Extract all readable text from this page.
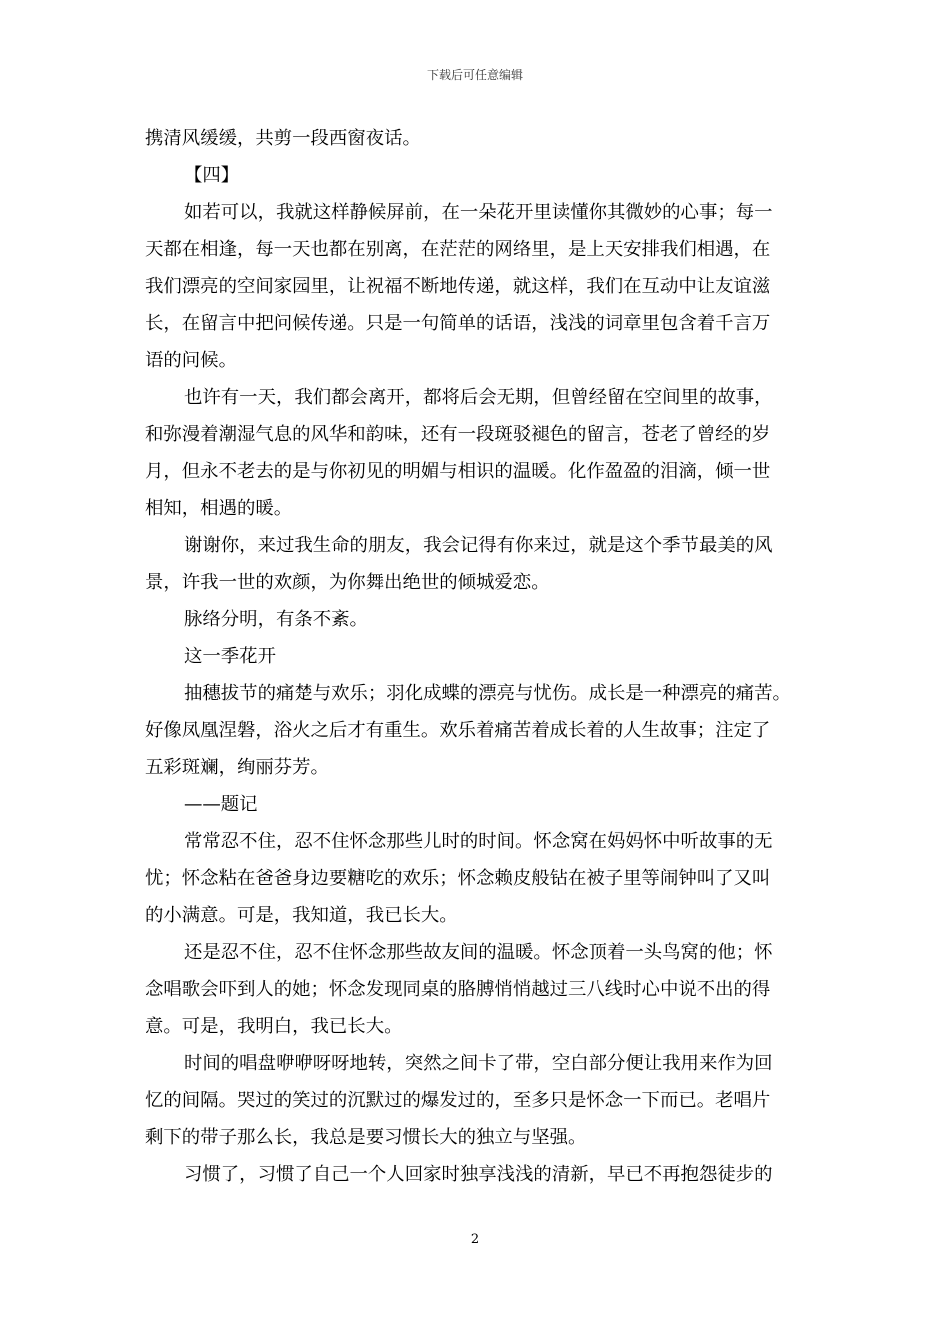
下载后可任意编辑
携清风缓缓，共剪一段西窗夜话。
【四】
如若可以，我就这样静候屏前，在一朵花开里读懂你其微妙的心事；每一
天都在相逢，每一天也都在别离，在茫茫的网络里，是上天安排我们相遇，在
我们漂亮的空间家园里，让祝福不断地传递，就这样，我们在互动中让友谊滋
长，在留言中把问候传递。只是一句简单的话语，浅浅的词章里包含着千言万
语的问候。
也许有一天，我们都会离开，都将后会无期，但曾经留在空间里的故事，
和弥漫着潮湿气息的风华和韵味，还有一段斑驳褪色的留言，苍老了曾经的岁
月，但永不老去的是与你初见的明媚与相识的温暖。化作盈盈的泪滴，倾一世
相知，相遇的暖。
谢谢你，来过我生命的朋友，我会记得有你来过，就是这个季节最美的风
景，许我一世的欢颜，为你舞出绝世的倾城爱恋。
脉络分明，有条不紊。
这一季花开
抽穗拔节的痛楚与欢乐；羽化成蝶的漂亮与忧伤。成长是一种漂亮的痛苦。
好像凤凰涅磐，浴火之后才有重生。欢乐着痛苦着成长着的人生故事；注定了
五彩斑斓，绚丽芬芳。
——题记
常常忍不住，忍不住怀念那些儿时的时间。怀念窝在妈妈怀中听故事的无
忧；怀念粘在爸爸身边要糖吃的欢乐；怀念赖皮般钻在被子里等闹钟叫了又叫
的小满意。可是，我知道，我已长大。
还是忍不住，忍不住怀念那些故友间的温暖。怀念顶着一头鸟窝的他；怀
念唱歌会吓到人的她；怀念发现同桌的胳膊悄悄越过三八线时心中说不出的得
意。可是，我明白，我已长大。
时间的唱盘咿咿呀呀地转，突然之间卡了带，空白部分便让我用来作为回
忆的间隔。哭过的笑过的沉默过的爆发过的，至多只是怀念一下而已。老唱片
剩下的带子那么长，我总是要习惯长大的独立与坚强。
习惯了，习惯了自己一个人回家时独享浅浅的清新，早已不再抱怨徒步的
2
